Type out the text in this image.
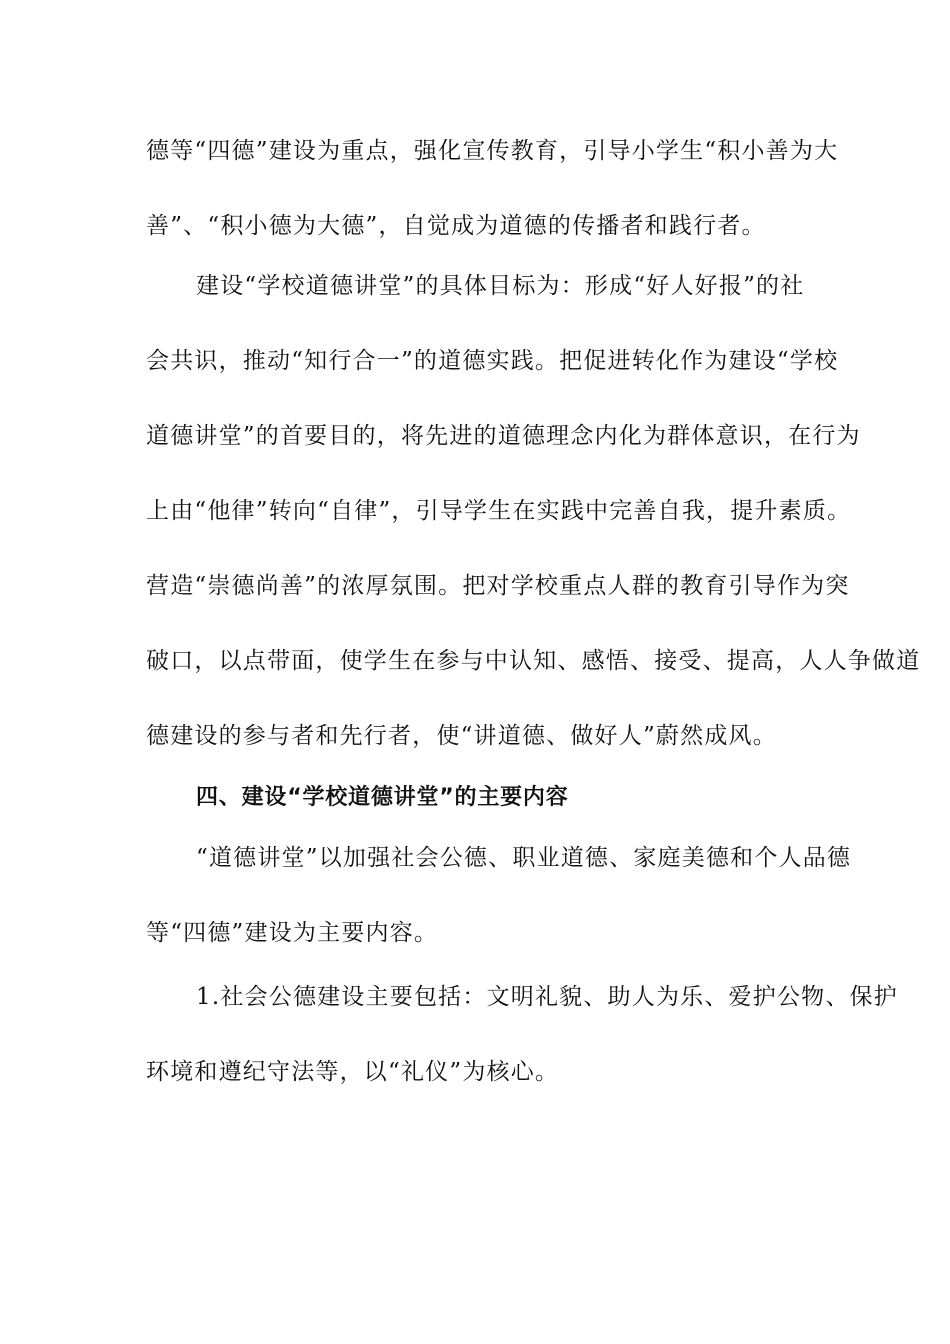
德等“四德”建设为重点，强化宣传教育，引导小学生“积小善为大
善”、“积小德为大德”，自觉成为道德的传播者和践行者。
建设“学校道德讲堂”的具体目标为：形成“好人好报”的社
会共识，推动“知行合一”的道德实践。把促进转化作为建设“学校
道德讲堂”的首要目的，将先进的道德理念内化为群体意识，在行为
上由“他律”转向“自律”，引导学生在实践中完善自我，提升素质。
营造“崇德尚善”的浓厚氛围。把对学校重点人群的教育引导作为突
破口，以点带面，使学生在参与中认知、感悟、接受、提高，人人争做道
德建设的参与者和先行者，使“讲道德、做好人”蔚然成风。
四、建设“学校道德讲堂”的主要内容
“道德讲堂”以加强社会公德、职业道德、家庭美德和个人品德
等“四德”建设为主要内容。
1.社会公德建设主要包括：文明礼貌、助人为乐、爱护公物、保护
环境和遵纪守法等，以“礼仪”为核心。
